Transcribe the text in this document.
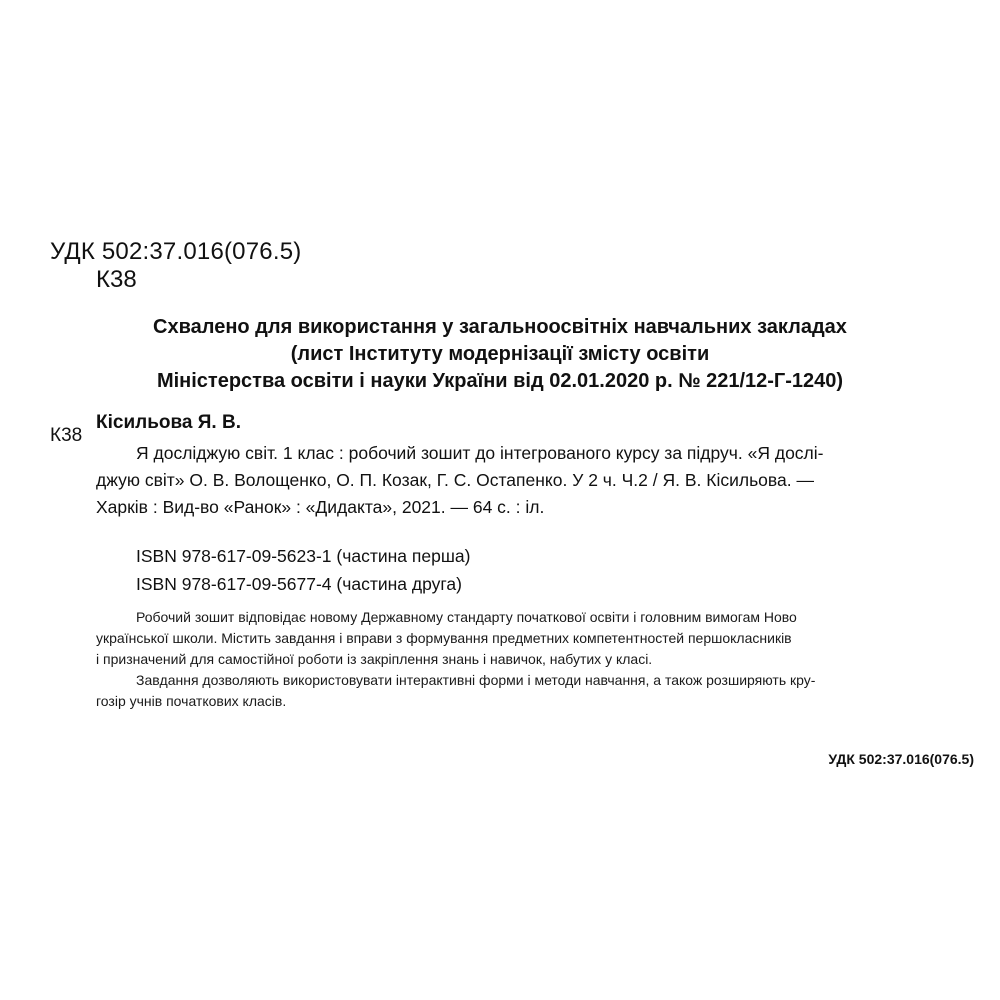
УДК 502:37.016(076.5)
К38
Схвалено для використання у загальноосвітніх навчальних закладах
(лист Інституту модернізації змісту освіти
Міністерства освіти і науки України від 02.01.2020 р. № 221/12-Г-1240)
К38
Кісильова Я. В.
Я досліджую світ. 1 клас : робочий зошит до інтегрованого курсу за підруч. «Я дослі-
джую світ» О. В. Волощенко, О. П. Козак, Г. С. Остапенко. У 2 ч. Ч.2 / Я. В. Кісильова. —
Харків : Вид-во «Ранок» : «Дидакта», 2021. — 64 с. : іл.
ISBN 978-617-09-5623-1 (частина перша)
ISBN 978-617-09-5677-4 (частина друга)
Робочий зошит відповідає новому Державному стандарту початкової освіти і головним вимогам Ново
української школи. Містить завдання і вправи з формування предметних компетентностей першокласників
і призначений для самостійної роботи із закріплення знань і навичок, набутих у класі.
Завдання дозволяють використовувати інтерактивні форми і методи навчання, а також розширяють кру-
гозір учнів початкових класів.
УДК 502:37.016(076.5)
